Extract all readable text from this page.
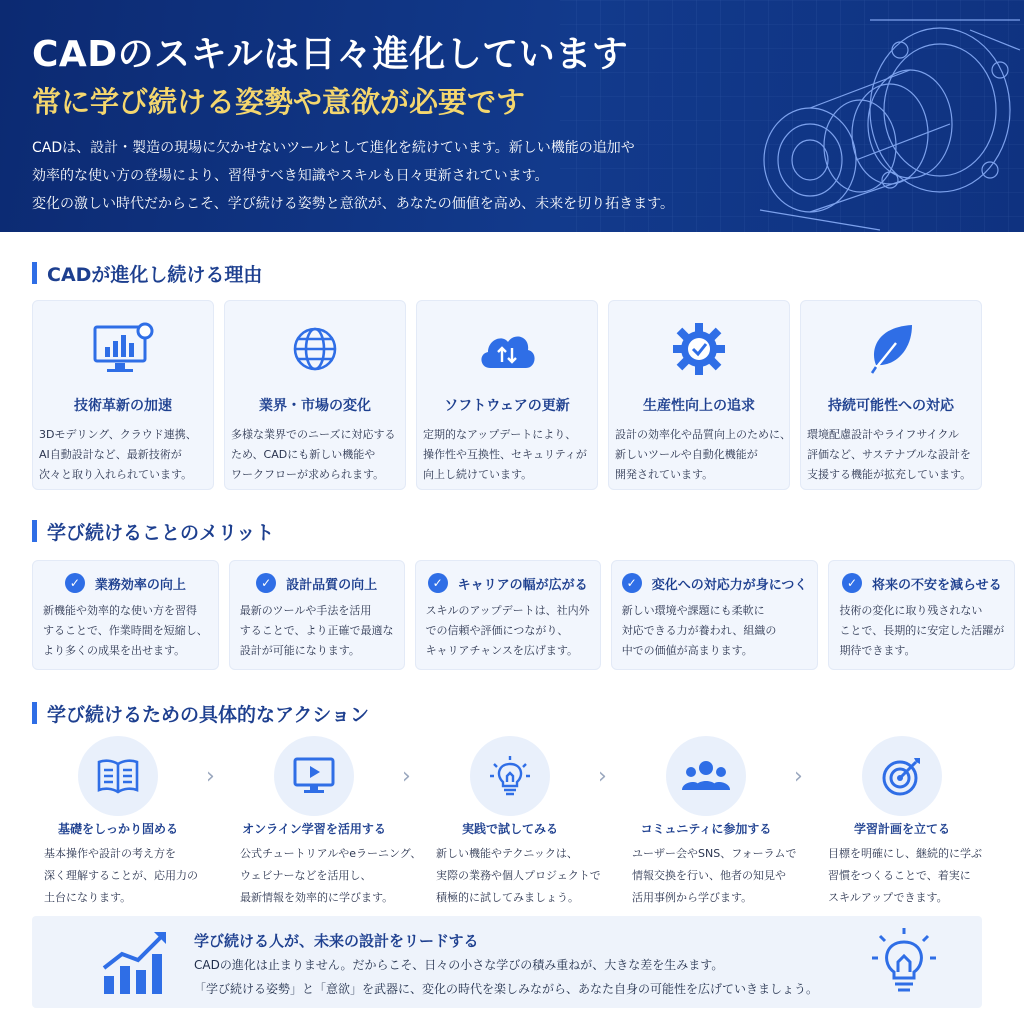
CADのスキルは日々進化しています
常に学び続ける姿勢や意欲が必要です

CADは、設計・製造の現場に欠かせないツールとして進化を続けています。新しい機能の追加や

効率的な使い方の登場により、習得すべき知識やスキルも日々更新されています。

変化の激しい時代だからこそ、学び続ける姿勢と意欲が、あなたの価値を高め、未来を切り拓きます。

CADが進化し続ける理由
技術革新の加速

3Dモデリング、クラウド連携、

AI自動設計など、最新技術が

次々と取り入れられています。

業界・市場の変化

多様な業界でのニーズに対応する

ため、CADにも新しい機能や

ワークフローが求められます。

ソフトウェアの更新

定期的なアップデートにより、

操作性や互換性、セキュリティが

向上し続けています。

生産性向上の追求

設計の効率化や品質向上のために、

新しいツールや自動化機能が

開発されています。

持続可能性への対応

環境配慮設計やライフサイクル

評価など、サステナブルな設計を

支援する機能が拡充しています。

学び続けることのメリット
✓	業務効率の向上

新機能や効率的な使い方を習得

することで、作業時間を短縮し、

より多くの成果を出せます。

✓	設計品質の向上

最新のツールや手法を活用

することで、より正確で最適な

設計が可能になります。

✓	キャリアの幅が広がる

スキルのアップデートは、社内外

での信頼や評価につながり、

キャリアチャンスを広げます。

✓	変化への対応力が身につく

新しい環境や課題にも柔軟に

対応できる力が養われ、組織の

中での価値が高まります。

✓	将来の不安を減らせる

技術の変化に取り残されない

ことで、長期的に安定した活躍が

期待できます。

学び続けるための具体的なアクション
基礎をしっかり固める

基本操作や設計の考え方を

深く理解することが、応用力の

土台になります。

›
オンライン学習を活用する

公式チュートリアルやeラーニング、

ウェビナーなどを活用し、

最新情報を効率的に学びます。

›
実践で試してみる

新しい機能やテクニックは、

実際の業務や個人プロジェクトで

積極的に試してみましょう。

›
コミュニティに参加する

ユーザー会やSNS、フォーラムで

情報交換を行い、他者の知見や

活用事例から学びます。

›
学習計画を立てる

目標を明確にし、継続的に学ぶ

習慣をつくることで、着実に

スキルアップできます。

学び続ける人が、未来の設計をリードする

CADの進化は止まりません。だからこそ、日々の小さな学びの積み重ねが、大きな差を生みます。

「学び続ける姿勢」と「意欲」を武器に、変化の時代を楽しみながら、あなた自身の可能性を広げていきましょう。
